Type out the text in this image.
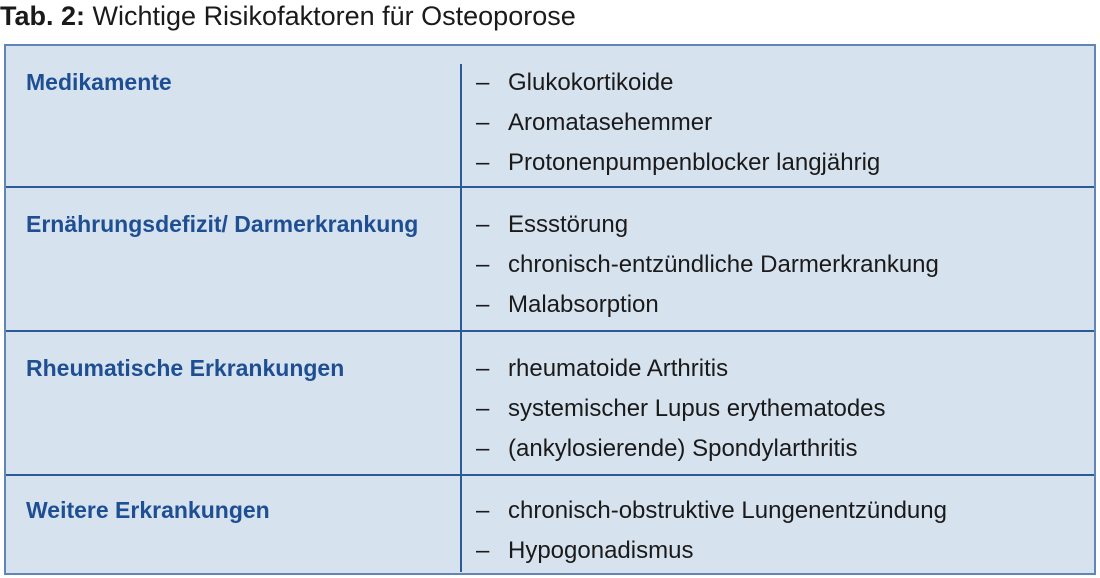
Tab. 2: Wichtige Risikofaktoren für Osteoporose
Medikamente	– Glukokortikoide
– Aromatasehemmer
– Protonenpumpenblocker langjährig
Ernährungsdefizit/ Darmerkrankung	– Essstörung
– chronisch-entzündliche Darmerkrankung
– Malabsorption
Rheumatische Erkrankungen	– rheumatoide Arthritis
– systemischer Lupus erythematodes
– (ankylosierende) Spondylarthritis
Weitere Erkrankungen	– chronisch-obstruktive Lungenentzündung
– Hypogonadismus
